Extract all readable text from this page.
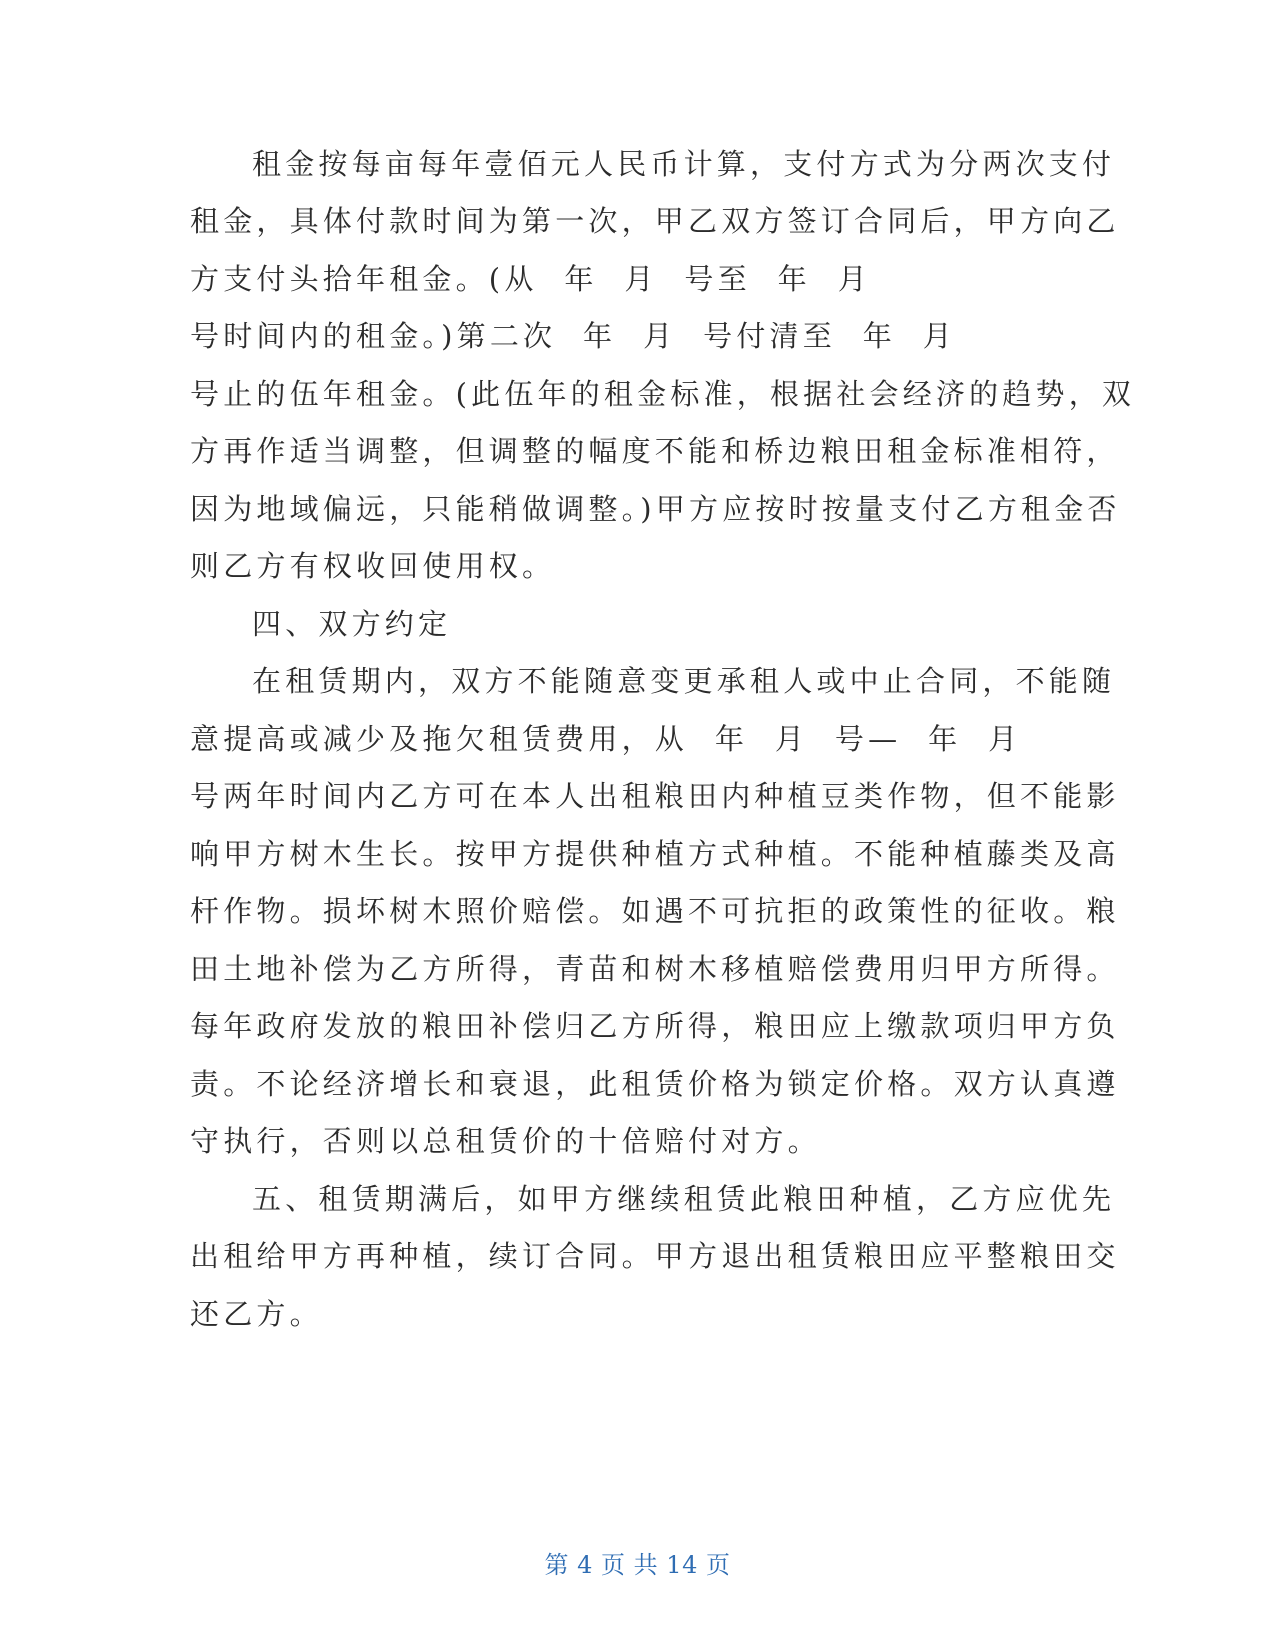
租金按每亩每年壹佰元人民币计算，支付方式为分两次支付
租金，具体付款时间为第一次，甲乙双方签订合同后，甲方向乙
方支付头拾年租金。(从  年  月  号至  年  月
号时间内的租金。)第二次  年  月  号付清至  年  月
号止的伍年租金。(此伍年的租金标准，根据社会经济的趋势，双
方再作适当调整，但调整的幅度不能和桥边粮田租金标准相符，
因为地域偏远，只能稍做调整。)甲方应按时按量支付乙方租金否
则乙方有权收回使用权。
四、双方约定
在租赁期内，双方不能随意变更承租人或中止合同，不能随
意提高或减少及拖欠租赁费用，从  年  月  号—  年  月
号两年时间内乙方可在本人出租粮田内种植豆类作物，但不能影
响甲方树木生长。按甲方提供种植方式种植。不能种植藤类及高
杆作物。损坏树木照价赔偿。如遇不可抗拒的政策性的征收。粮
田土地补偿为乙方所得，青苗和树木移植赔偿费用归甲方所得。
每年政府发放的粮田补偿归乙方所得，粮田应上缴款项归甲方负
责。不论经济增长和衰退，此租赁价格为锁定价格。双方认真遵
守执行，否则以总租赁价的十倍赔付对方。
五、租赁期满后，如甲方继续租赁此粮田种植，乙方应优先
出租给甲方再种植，续订合同。甲方退出租赁粮田应平整粮田交
还乙方。
第 4 页 共 14 页
